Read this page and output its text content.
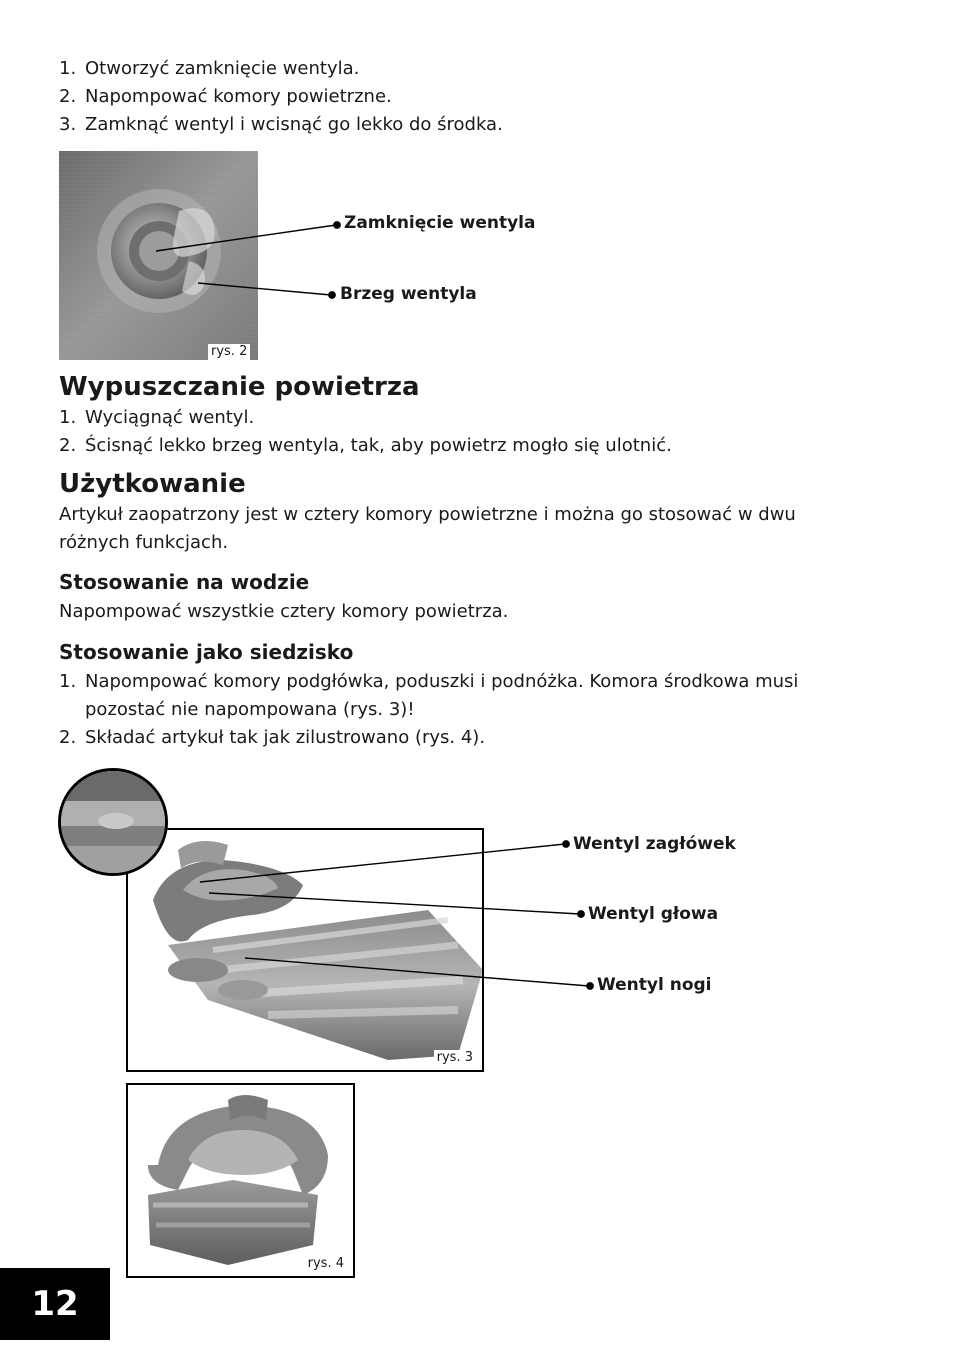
1. Otworzyć zamknięcie wentyla.
2. Napompować komory powietrzne.
3. Zamknąć wentyl i wcisnąć go lekko do środka.
rys. 2
Zamknięcie wentyla
Brzeg wentyla
Wypuszczanie powietrza
1. Wyciągnąć wentyl.
2. Ścisnąć lekko brzeg wentyla, tak, aby powietrz mogło się ulotnić.
Użytkowanie
Artykuł zaopatrzony jest w cztery komory powietrzne i można go stosować w dwu
różnych funkcjach.
Stosowanie na wodzie
Napompować wszystkie cztery komory powietrza.
Stosowanie jako siedzisko
1. Napompować komory podgłówka, poduszki i podnóżka. Komora środkowa musi
pozostać nie napompowana (rys. 3)!
2. Składać artykuł tak jak zilustrowano (rys. 4).
rys. 3
Wentyl zagłówek
Wentyl głowa
Wentyl nogi
rys. 4
12
